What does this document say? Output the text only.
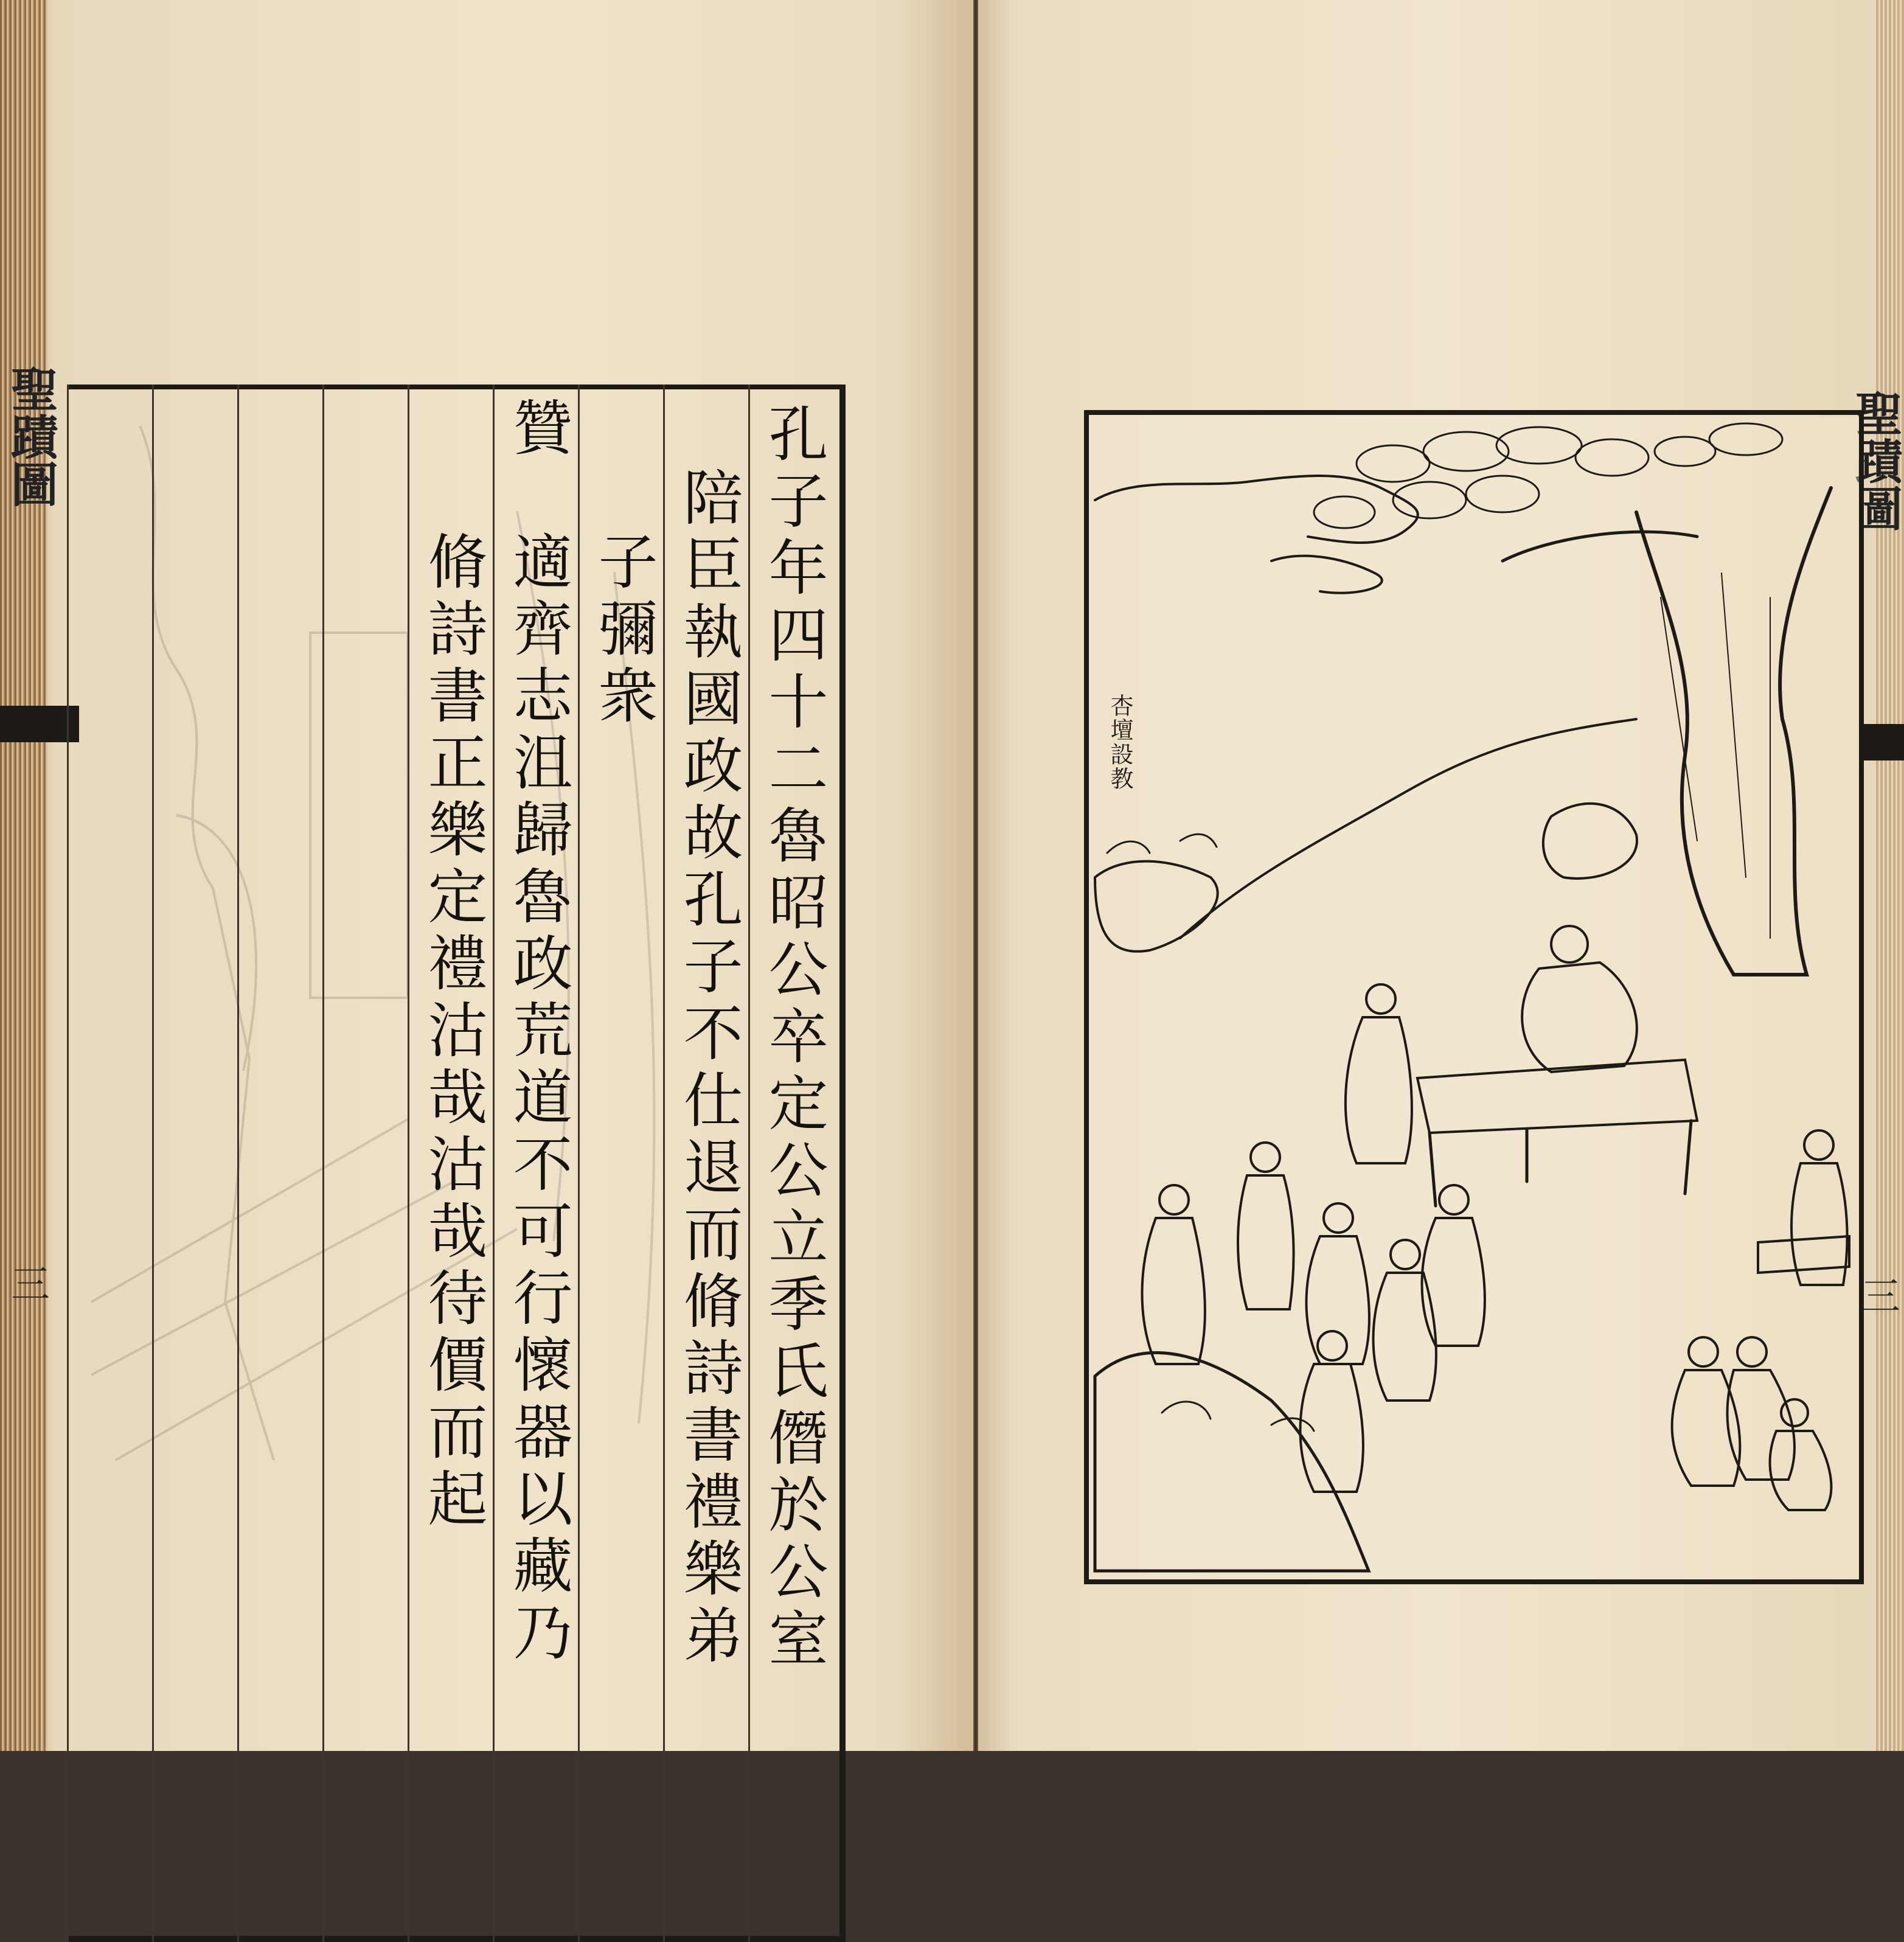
聖蹟圖
三	孔子年四十二魯昭公卒定公立季氏僭於公室
陪臣執國政故孔子不仕退而脩詩書禮樂弟
子彌衆
贊
適齊志沮歸魯政荒道不可行懷器以藏乃
脩詩書正樂定禮沽哉沽哉待價而起
聖蹟圖
三
杏壇設教
